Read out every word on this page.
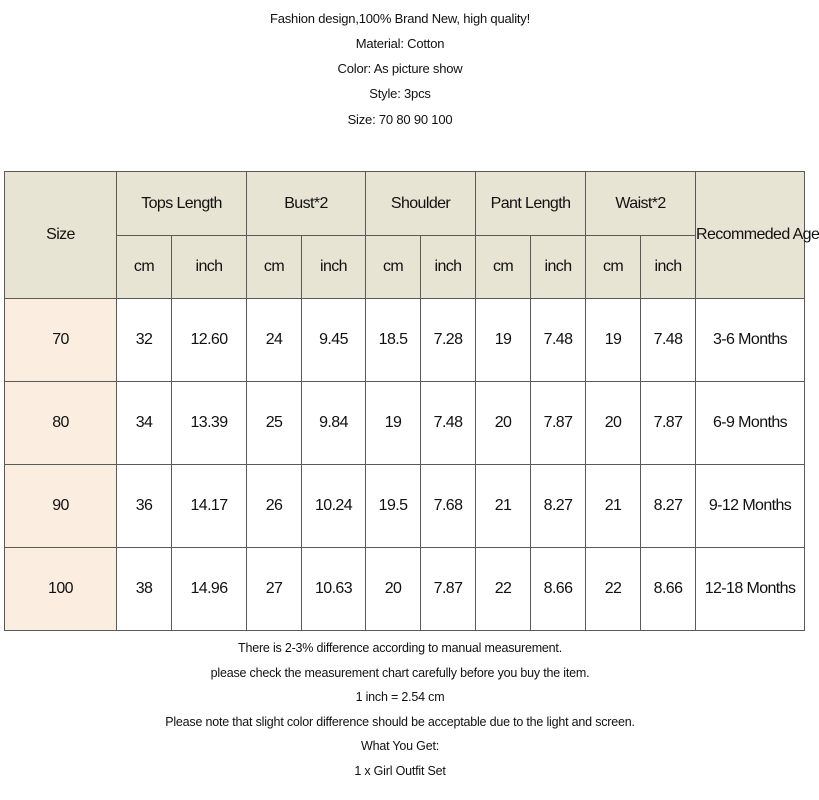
Fashion design,100% Brand New, high quality!
Material: Cotton
Color: As picture show
Style: 3pcs
Size: 70 80 90 100
Size	Tops Length		Bust*2		Shoulder		Pant Length		Waist*2		Recommeded Age
	cm	inch	cm	inch	cm	inch	cm	inch	cm	inch	
70	32	12.60	24	9.45	18.5	7.28	19	7.48	19	7.48	3-6 Months
80	34	13.39	25	9.84	19	7.48	20	7.87	20	7.87	6-9 Months
90	36	14.17	26	10.24	19.5	7.68	21	8.27	21	8.27	9-12 Months
100	38	14.96	27	10.63	20	7.87	22	8.66	22	8.66	12-18 Months
There is 2-3% difference according to manual measurement.
please check the measurement chart carefully before you buy the item.
1 inch = 2.54 cm
Please note that slight color difference should be acceptable due to the light and screen.
What You Get:
1 x Girl Outfit Set
